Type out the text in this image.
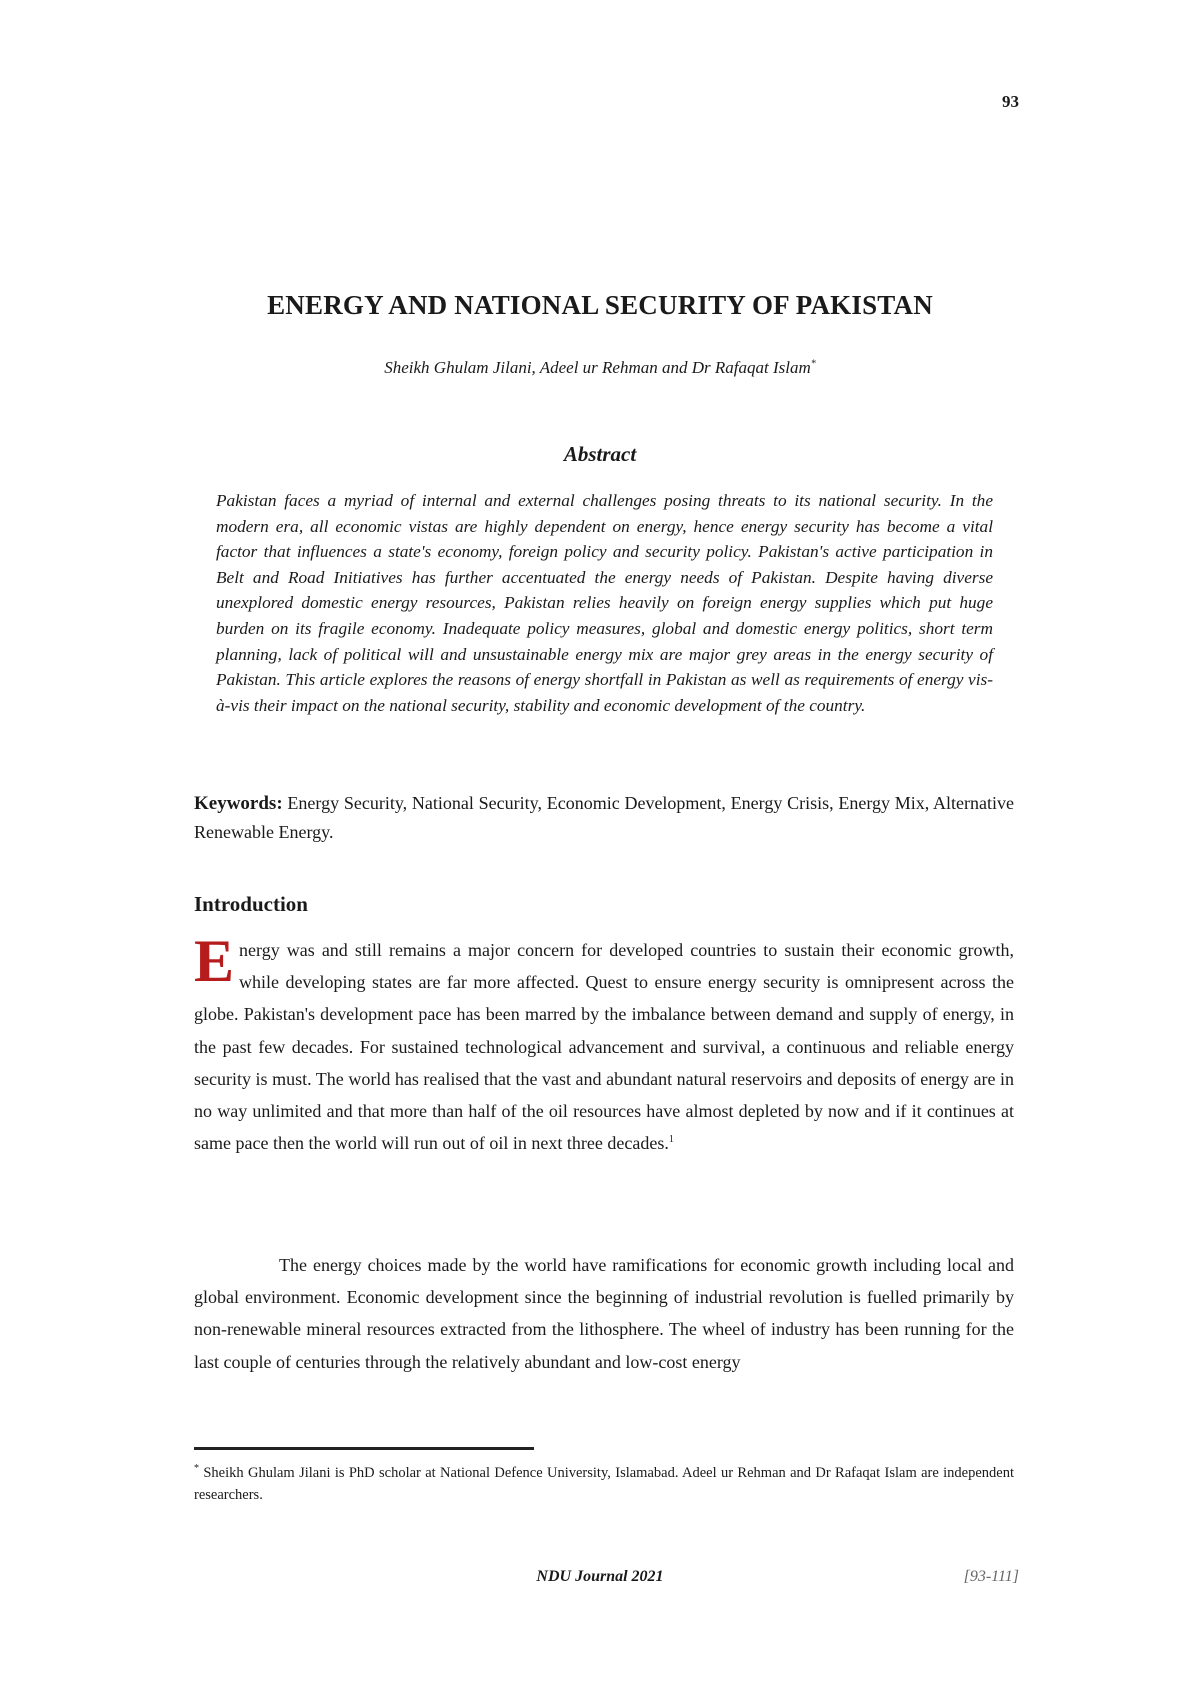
93
ENERGY AND NATIONAL SECURITY OF PAKISTAN
Sheikh Ghulam Jilani, Adeel ur Rehman and Dr Rafaqat Islam*
Abstract
Pakistan faces a myriad of internal and external challenges posing threats to its national security. In the modern era, all economic vistas are highly dependent on energy, hence energy security has become a vital factor that influences a state's economy, foreign policy and security policy. Pakistan's active participation in Belt and Road Initiatives has further accentuated the energy needs of Pakistan. Despite having diverse unexplored domestic energy resources, Pakistan relies heavily on foreign energy supplies which put huge burden on its fragile economy. Inadequate policy measures, global and domestic energy politics, short term planning, lack of political will and unsustainable energy mix are major grey areas in the energy security of Pakistan. This article explores the reasons of energy shortfall in Pakistan as well as requirements of energy vis-à-vis their impact on the national security, stability and economic development of the country.
Keywords: Energy Security, National Security, Economic Development, Energy Crisis, Energy Mix, Alternative Renewable Energy.
Introduction
Energy was and still remains a major concern for developed countries to sustain their economic growth, while developing states are far more affected. Quest to ensure energy security is omnipresent across the globe. Pakistan's development pace has been marred by the imbalance between demand and supply of energy, in the past few decades. For sustained technological advancement and survival, a continuous and reliable energy security is must. The world has realised that the vast and abundant natural reservoirs and deposits of energy are in no way unlimited and that more than half of the oil resources have almost depleted by now and if it continues at same pace then the world will run out of oil in next three decades.$^1$
The energy choices made by the world have ramifications for economic growth including local and global environment. Economic development since the beginning of industrial revolution is fuelled primarily by non-renewable mineral resources extracted from the lithosphere. The wheel of industry has been running for the last couple of centuries through the relatively abundant and low-cost energy
* Sheikh Ghulam Jilani is PhD scholar at National Defence University, Islamabad. Adeel ur Rehman and Dr Rafaqat Islam are independent researchers.
NDU Journal 2021	[93-111]
